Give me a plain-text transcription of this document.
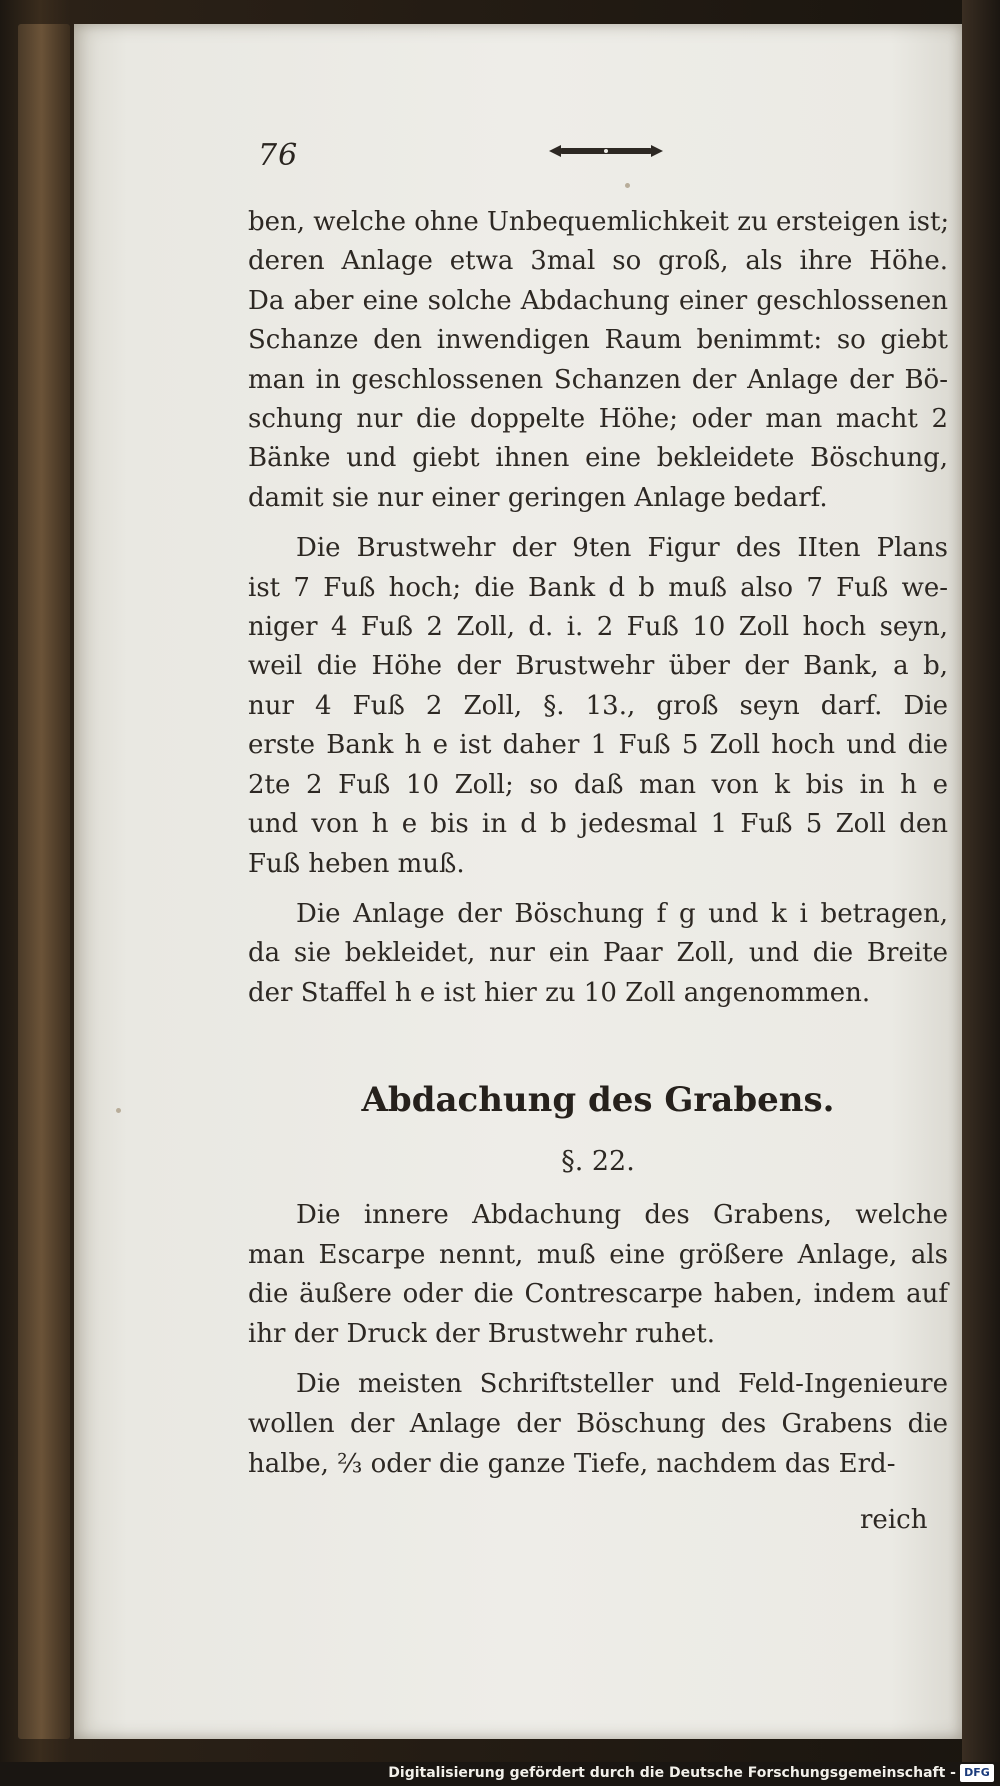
76
ben, welche ohne Unbequemlichkeit zu ersteigen ist;
deren Anlage etwa 3mal so groß, als ihre Höhe.
Da aber eine solche Abdachung einer geschlossenen
Schanze den inwendigen Raum benimmt: so giebt
man in geschlossenen Schanzen der Anlage der Bö-
schung nur die doppelte Höhe; oder man macht 2
Bänke und giebt ihnen eine bekleidete Böschung,
damit sie nur einer geringen Anlage bedarf.
Die Brustwehr der 9ten Figur des IIten Plans
ist 7 Fuß hoch; die Bank d b muß also 7 Fuß we-
niger 4 Fuß 2 Zoll, d. i. 2 Fuß 10 Zoll hoch seyn,
weil die Höhe der Brustwehr über der Bank, a b,
nur 4 Fuß 2 Zoll, §. 13., groß seyn darf. Die
erste Bank h e ist daher 1 Fuß 5 Zoll hoch und die
2te 2 Fuß 10 Zoll; so daß man von k bis in h e
und von h e bis in d b jedesmal 1 Fuß 5 Zoll den
Fuß heben muß.
Die Anlage der Böschung f g und k i betragen,
da sie bekleidet, nur ein Paar Zoll, und die Breite
der Staffel h e ist hier zu 10 Zoll angenommen.
Abdachung des Grabens.
§. 22.
Die innere Abdachung des Grabens, welche
man Escarpe nennt, muß eine größere Anlage, als
die äußere oder die Contrescarpe haben, indem auf
ihr der Druck der Brustwehr ruhet.
Die meisten Schriftsteller und Feld-Ingenieure
wollen der Anlage der Böschung des Grabens die
halbe, ⅔ oder die ganze Tiefe, nachdem das Erd-
reich
Digitalisierung gefördert durch die Deutsche Forschungsgemeinschaft - DFG
